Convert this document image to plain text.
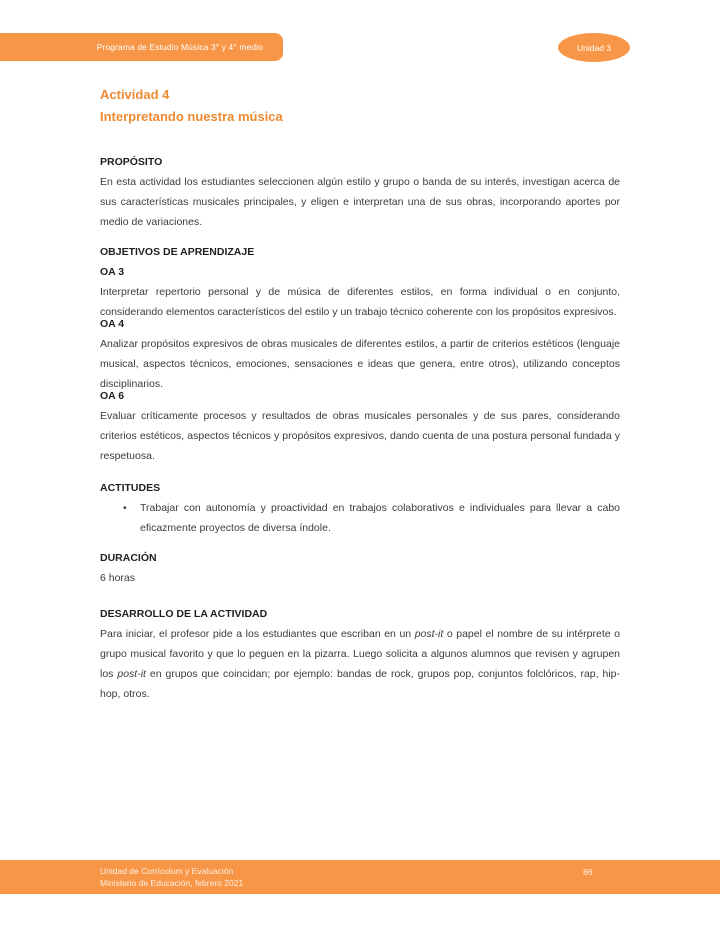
Programa de Estudio Música 3° y 4° medio	Unidad 3
Actividad 4
Interpretando nuestra música
PROPÓSITO

En esta actividad los estudiantes seleccionen algún estilo y grupo o banda de su interés, investigan acerca de sus características musicales principales, y eligen e interpretan una de sus obras, incorporando aportes por medio de variaciones.

OBJETIVOS DE APRENDIZAJE
OA 3

Interpretar repertorio personal y de música de diferentes estilos, en forma individual o en conjunto, considerando elementos característicos del estilo y un trabajo técnico coherente con los propósitos expresivos.

OA 4

Analizar propósitos expresivos de obras musicales de diferentes estilos, a partir de criterios estéticos (lenguaje musical, aspectos técnicos, emociones, sensaciones e ideas que genera, entre otros), utilizando conceptos disciplinarios.

OA 6

Evaluar críticamente procesos y resultados de obras musicales personales y de sus pares, considerando criterios estéticos, aspectos técnicos y propósitos expresivos, dando cuenta de una postura personal fundada y respetuosa.

ACTITUDES
• Trabajar con autonomía y proactividad en trabajos colaborativos e individuales para llevar a cabo eficazmente proyectos de diversa índole.

DURACIÓN

6 horas

DESARROLLO DE LA ACTIVIDAD

Para iniciar, el profesor pide a los estudiantes que escriban en un post-it o papel el nombre de su intérprete o grupo musical favorito y que lo peguen en la pizarra. Luego solicita a algunos alumnos que revisen y agrupen los post-it en grupos que coincidan; por ejemplo: bandas de rock, grupos pop, conjuntos folclóricos, rap, hip-hop, otros.

Unidad de Currículum y Evaluación
Ministerio de Educación, febrero 2021
86
